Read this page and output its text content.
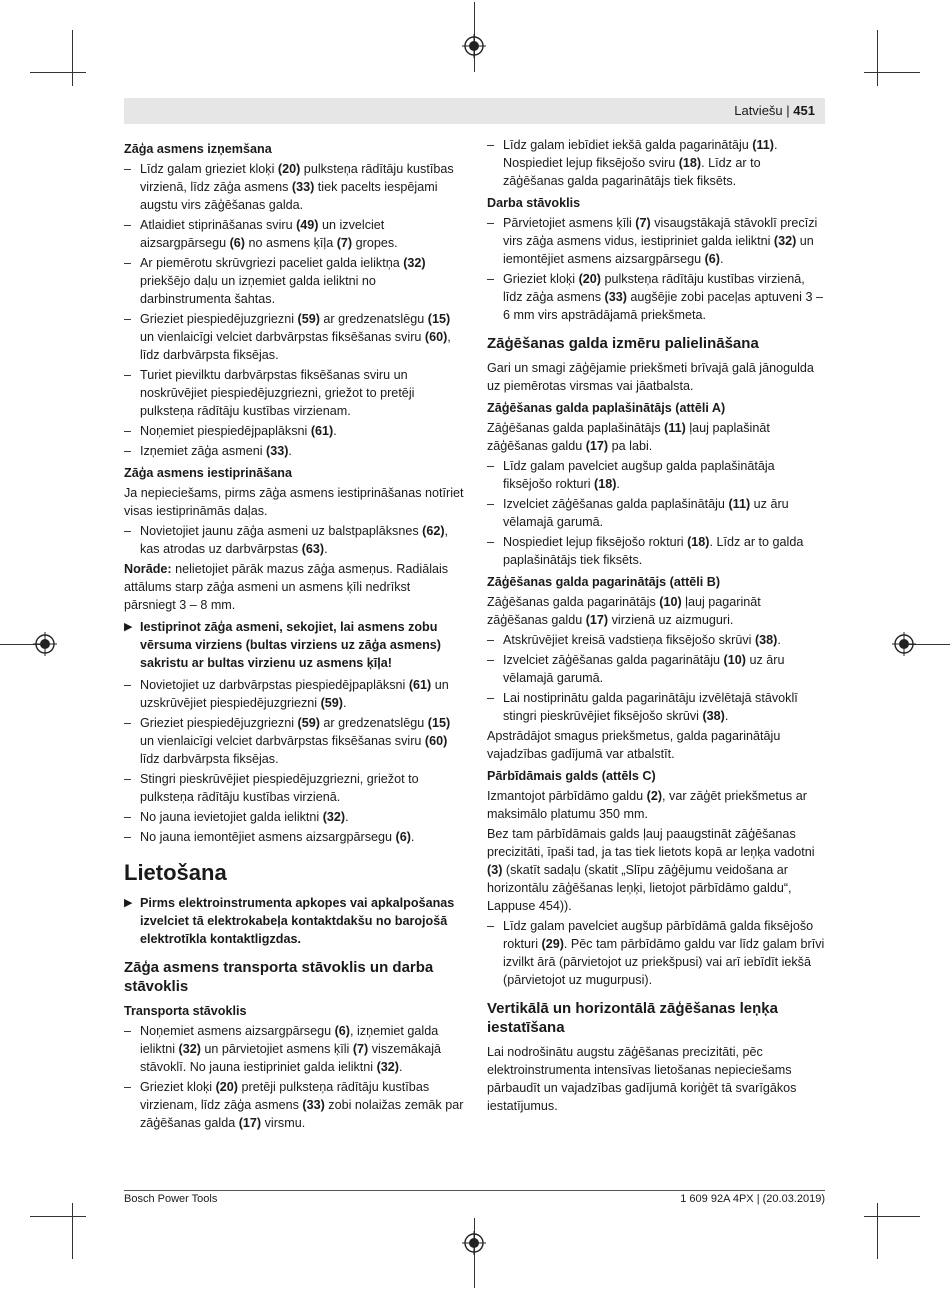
Latviešu | 451
Zāģa asmens izņemšana
– Līdz galam grieziet kloķi (20) pulksteņa rādītāju kustības virzienā, līdz zāģa asmens (33) tiek pacelts iespējami augstu virs zāģēšanas galda.
– Atlaidiet stiprināšanas sviru (49) un izvelciet aizsargpārsegu (6) no asmens ķīļa (7) gropes.
– Ar piemērotu skrūvgriezi paceliet galda ieliktņa (32) priekšējo daļu un izņemiet galda ieliktni no darbinstrumenta šahtas.
– Grieziet piespiedējuzgriezni (59) ar gredzenatslēgu (15) un vienlaicīgi velciet darbvārpstas fiksēšanas sviru (60), līdz darbvārpsta fiksējas.
– Turiet pievilktu darbvārpstas fiksēšanas sviru un noskrūvējiet piespiedējuzgriezni, griežot to pretēji pulksteņa rādītāju kustības virzienam.
– Noņemiet piespiedējpaplāksni (61).
– Izņemiet zāģa asmeni (33).
Zāģa asmens iestiprināšana
Ja nepieciešams, pirms zāģa asmens iestiprināšanas notīriet visas iestiprināmās daļas.
– Novietojiet jaunu zāģa asmeni uz balstpaplāksnes (62), kas atrodas uz darbvārpstas (63).
Norāde: nelietojiet pārāk mazus zāģa asmeņus. Radiālais attālums starp zāģa asmeni un asmens ķīli nedrīkst pārsniegt 3 – 8 mm.
▶ Iestiprinot zāģa asmeni, sekojiet, lai asmens zobu vērsuma virziens (bultas virziens uz zāģa asmens) sakristu ar bultas virzienu uz asmens ķīļa!
– Novietojiet uz darbvārpstas piespiedējpaplāksni (61) un uzskrūvējiet piespiedējuzgriezni (59).
– Grieziet piespiedējuzgriezni (59) ar gredzenatslēgu (15) un vienlaicīgi velciet darbvārpstas fiksēšanas sviru (60) līdz darbvārpsta fiksējas.
– Stingri pieskrūvējiet piespiedējuzgriezni, griežot to pulksteņa rādītāju kustības virzienā.
– No jauna ievietojiet galda ieliktni (32).
– No jauna iemontējiet asmens aizsargpārsegu (6).
Lietošana
▶ Pirms elektroinstrumenta apkopes vai apkalpošanas izvelciet tā elektrokabeļa kontaktdakšu no barojošā elektrotīkla kontaktligzdas.
Zāģa asmens transporta stāvoklis un darba stāvoklis
Transporta stāvoklis
– Noņemiet asmens aizsargpārsegu (6), izņemiet galda ieliktni (32) un pārvietojiet asmens ķīli (7) viszemākajā stāvoklī. No jauna iestipriniet galda ieliktni (32).
– Grieziet kloķi (20) pretēji pulksteņa rādītāju kustības virzienam, līdz zāģa asmens (33) zobi nolaižas zemāk par zāģēšanas galda (17) virsmu.
– Līdz galam iebīdiet iekšā galda pagarinātāju (11). Nospiediet lejup fiksējošo sviru (18). Līdz ar to zāģēšanas galda pagarinātājs tiek fiksēts.
Darba stāvoklis
– Pārvietojiet asmens ķīli (7) visaugstākajā stāvoklī precīzi virs zāģa asmens vidus, iestipriniet galda ieliktni (32) un iemontējiet asmens aizsargpārsegu (6).
– Grieziet kloķi (20) pulksteņa rādītāju kustības virzienā, līdz zāģa asmens (33) augšējie zobi paceļas aptuveni 3 – 6 mm virs apstrādājamā priekšmeta.
Zāģēšanas galda izmēru palielināšana
Gari un smagi zāģējamie priekšmeti brīvajā galā jānogulda uz piemērotas virsmas vai jāatbalsta.
Zāģēšanas galda paplašinātājs (attēli A)
Zāģēšanas galda paplašinātājs (11) ļauj paplašināt zāģēšanas galdu (17) pa labi.
– Līdz galam pavelciet augšup galda paplašinātāja fiksējošo rokturi (18).
– Izvelciet zāģēšanas galda paplašinātāju (11) uz āru vēlamajā garumā.
– Nospiediet lejup fiksējošo rokturi (18). Līdz ar to galda paplašinātājs tiek fiksēts.
Zāģēšanas galda pagarinātājs (attēli B)
Zāģēšanas galda pagarinātājs (10) ļauj pagarināt zāģēšanas galdu (17) virzienā uz aizmuguri.
– Atskrūvējiet kreisā vadstieņa fiksējošo skrūvi (38).
– Izvelciet zāģēšanas galda pagarinātāju (10) uz āru vēlamajā garumā.
– Lai nostiprinātu galda pagarinātāju izvēlētajā stāvoklī stingri pieskrūvējiet fiksējošo skrūvi (38).
Apstrādājot smagus priekšmetus, galda pagarinātāju vajadzības gadījumā var atbalstīt.
Pārbīdāmais galds (attēls C)
Izmantojot pārbīdāmo galdu (2), var zāģēt priekšmetus ar maksimālo platumu 350 mm.
Bez tam pārbīdāmais galds ļauj paaugstināt zāģēšanas precizitāti, īpaši tad, ja tas tiek lietots kopā ar leņķa vadotni (3) (skatīt sadaļu (skatit „Slīpu zāģējumu veidošana ar horizontālu zāģēšanas leņķi, lietojot pārbīdāmo galdu“, Lappuse 454)).
– Līdz galam pavelciet augšup pārbīdāmā galda fiksējošo rokturi (29). Pēc tam pārbīdāmo galdu var līdz galam brīvi izvilkt ārā (pārvietojot uz priekšpusi) vai arī iebīdīt iekšā (pārvietojot uz mugurpusi).
Vertikālā un horizontālā zāģēšanas leņķa iestatīšana
Lai nodrošinātu augstu zāģēšanas precizitāti, pēc elektroinstrumenta intensīvas lietošanas nepieciešams pārbaudīt un vajadzības gadījumā koriģēt tā svarīgākos iestatījumus.
Bosch Power Tools	1 609 92A 4PX | (20.03.2019)
